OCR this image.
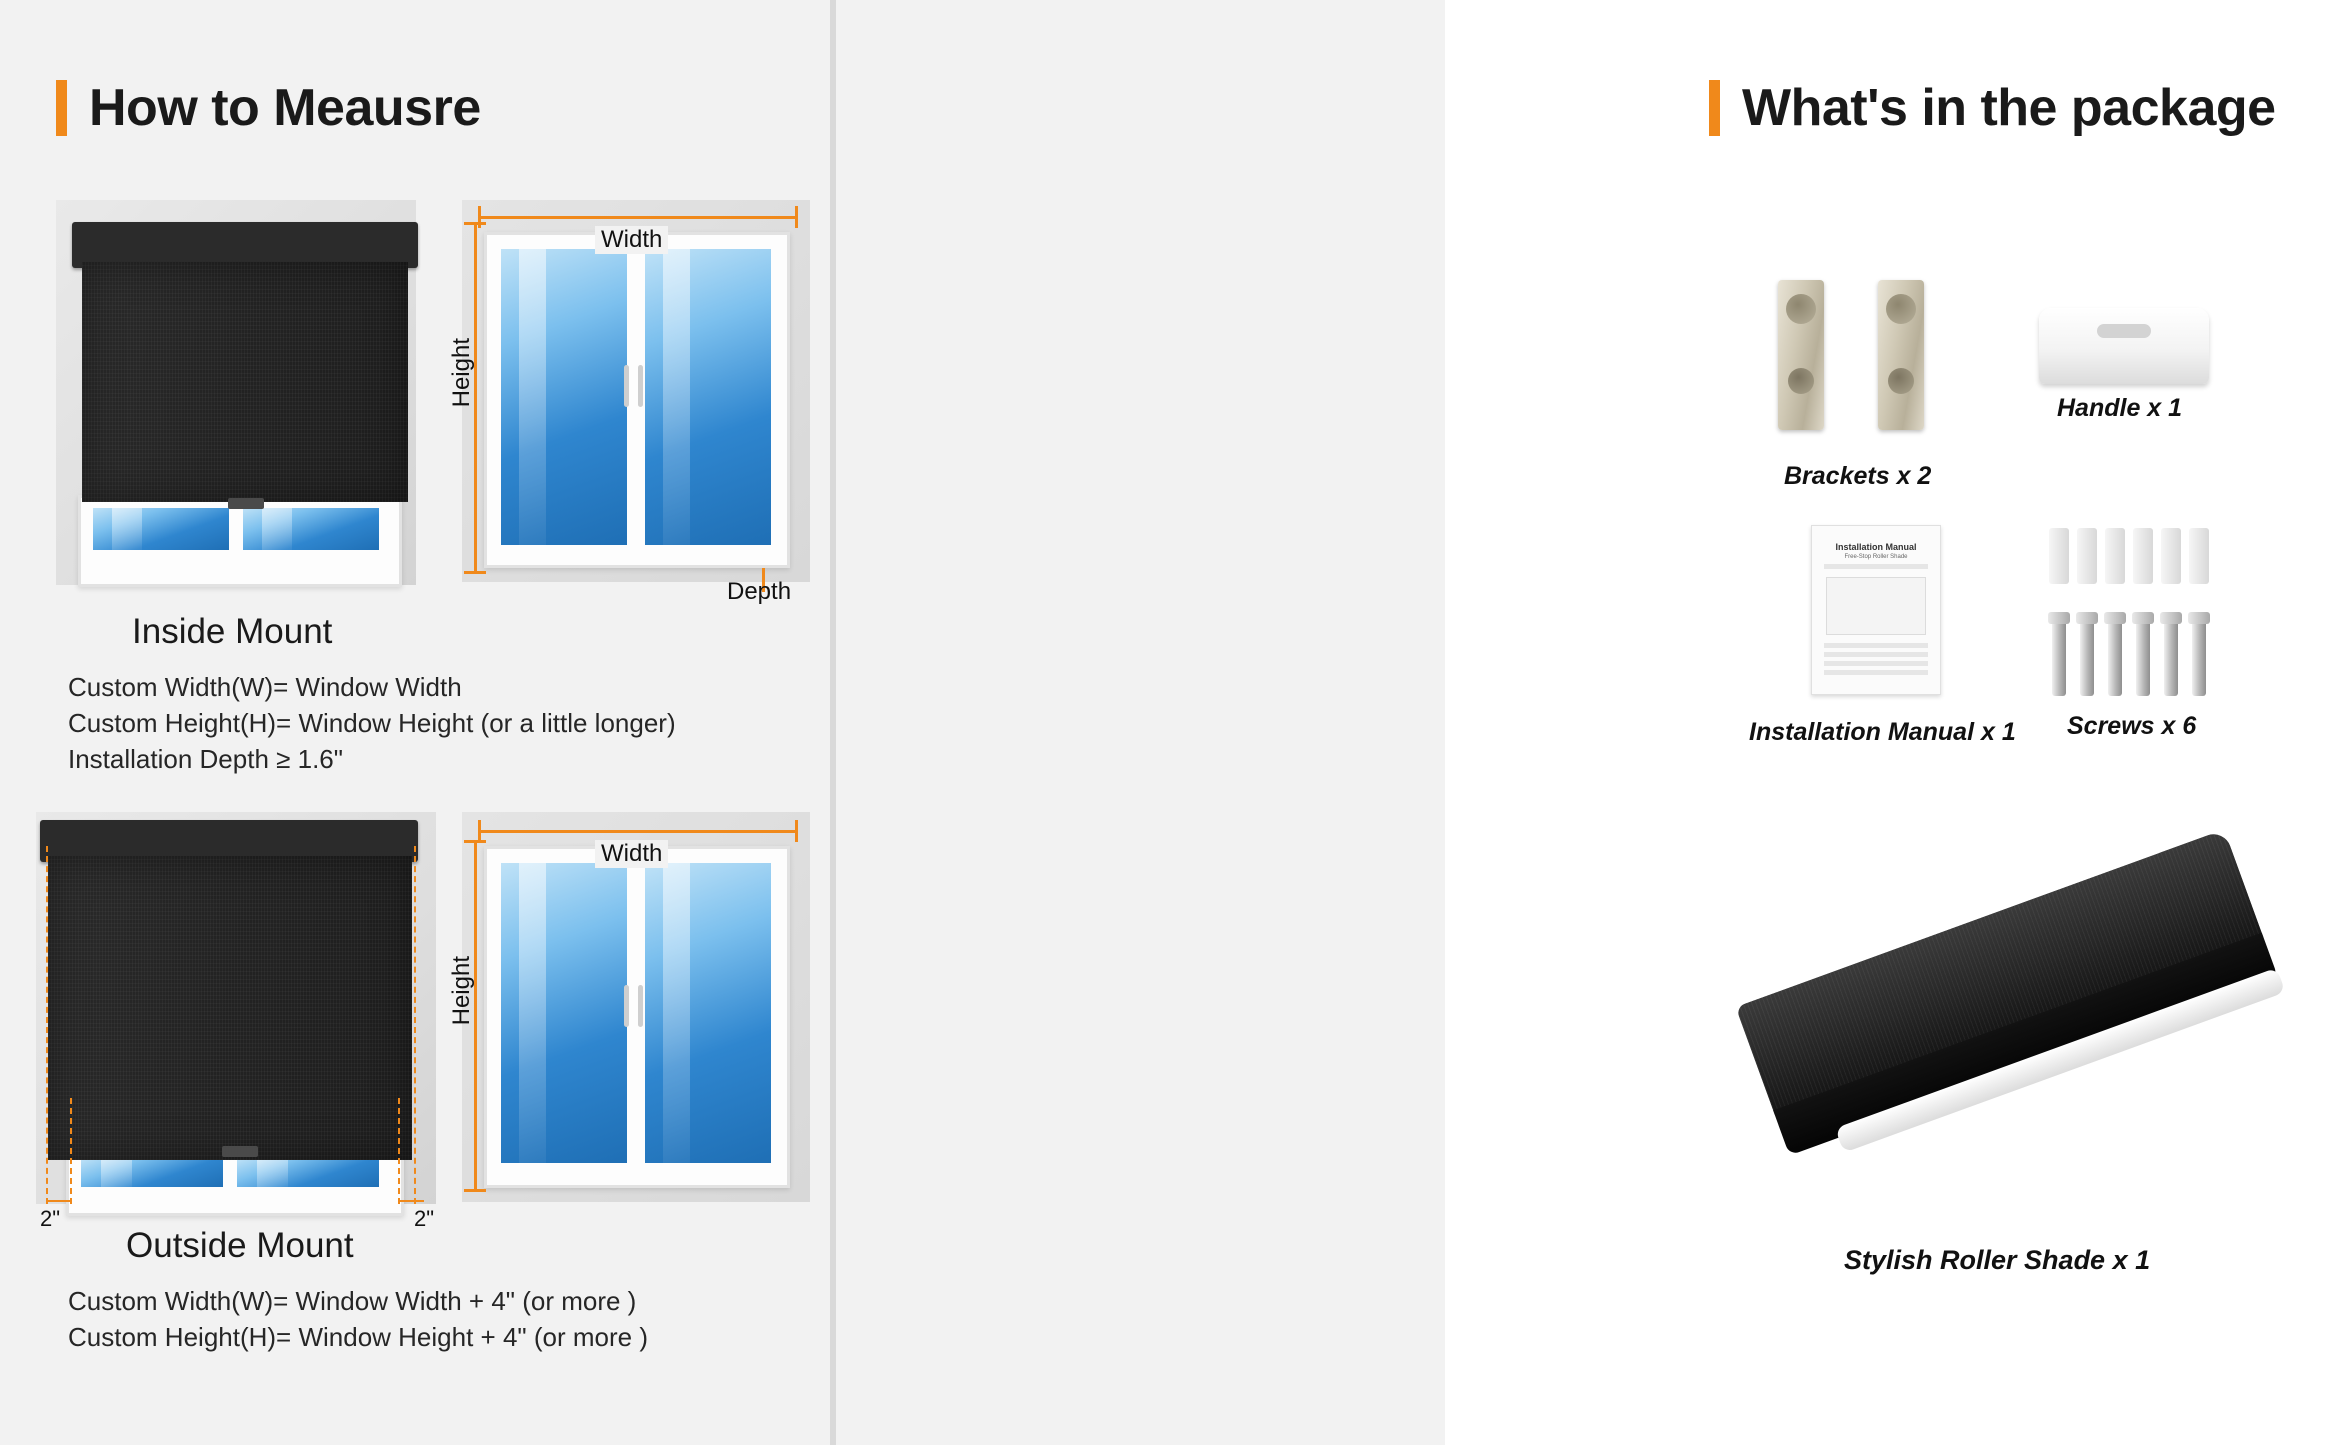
How to Meausre
Width
Height
Depth
Inside Mount
Custom Width(W)= Window Width
Custom Height(H)= Window Height (or a little longer)
Installation Depth ≥ 1.6"
2"	2"
Width
Height
Outside Mount
Custom Width(W)= Window Width + 4" (or more )
Custom Height(H)= Window Height + 4" (or more )
What's in the package
Brackets x 2
Handle x 1
Installation Manual
Free-Stop Roller Shade
Installation Manual x 1 Screws x 6
Stylish Roller Shade x 1
